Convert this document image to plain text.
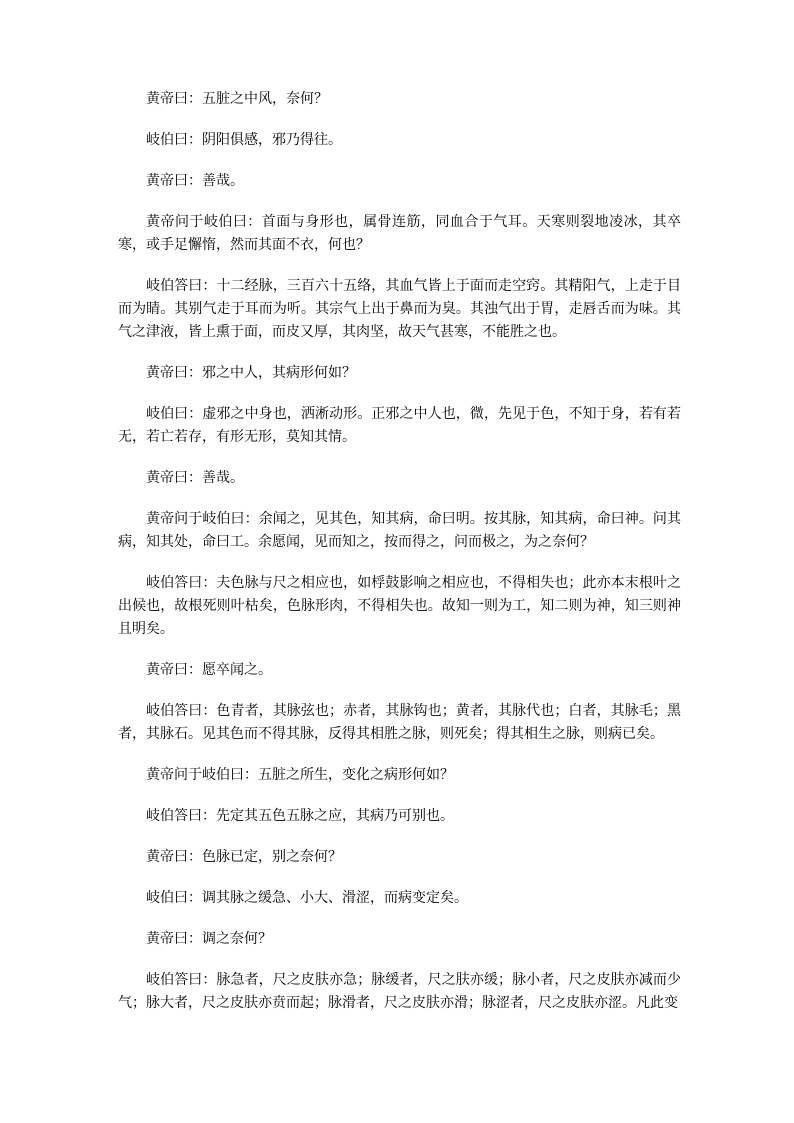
黄帝曰：五脏之中风，奈何？

岐伯曰：阴阳俱感，邪乃得往。

黄帝曰：善哉。

黄帝问于岐伯曰：首面与身形也，属骨连筋，同血合于气耳。天寒则裂地凌冰，其卒寒，或手足懈惰，然而其面不衣，何也？

岐伯答曰：十二经脉，三百六十五络，其血气皆上于面而走空窍。其精阳气，上走于目而为睛。其别气走于耳而为听。其宗气上出于鼻而为臭。其浊气出于胃，走唇舌而为味。其气之津液，皆上熏于面，而皮又厚，其肉坚，故天气甚寒，不能胜之也。

黄帝曰：邪之中人，其病形何如？

岐伯曰：虚邪之中身也，洒淅动形。正邪之中人也，微，先见于色，不知于身，若有若无，若亡若存，有形无形，莫知其情。

黄帝曰：善哉。

黄帝问于岐伯曰：余闻之，见其色，知其病，命曰明。按其脉，知其病，命曰神。问其病，知其处，命曰工。余愿闻，见而知之，按而得之，问而极之，为之奈何？

岐伯答曰：夫色脉与尺之相应也，如桴鼓影响之相应也，不得相失也；此亦本末根叶之出候也，故根死则叶枯矣，色脉形肉，不得相失也。故知一则为工，知二则为神，知三则神且明矣。

黄帝曰：愿卒闻之。

岐伯答曰：色青者，其脉弦也；赤者，其脉钩也；黄者，其脉代也；白者，其脉毛；黑者，其脉石。见其色而不得其脉，反得其相胜之脉，则死矣；得其相生之脉，则病已矣。

黄帝问于岐伯曰：五脏之所生，变化之病形何如？

岐伯答曰：先定其五色五脉之应，其病乃可别也。

黄帝曰：色脉已定，别之奈何？

岐伯曰：调其脉之缓急、小大、滑涩，而病变定矣。

黄帝曰：调之奈何？

岐伯答曰：脉急者，尺之皮肤亦急；脉缓者，尺之肤亦缓；脉小者，尺之皮肤亦减而少气；脉大者，尺之皮肤亦贲而起；脉滑者，尺之皮肤亦滑；脉涩者，尺之皮肤亦涩。凡此变
